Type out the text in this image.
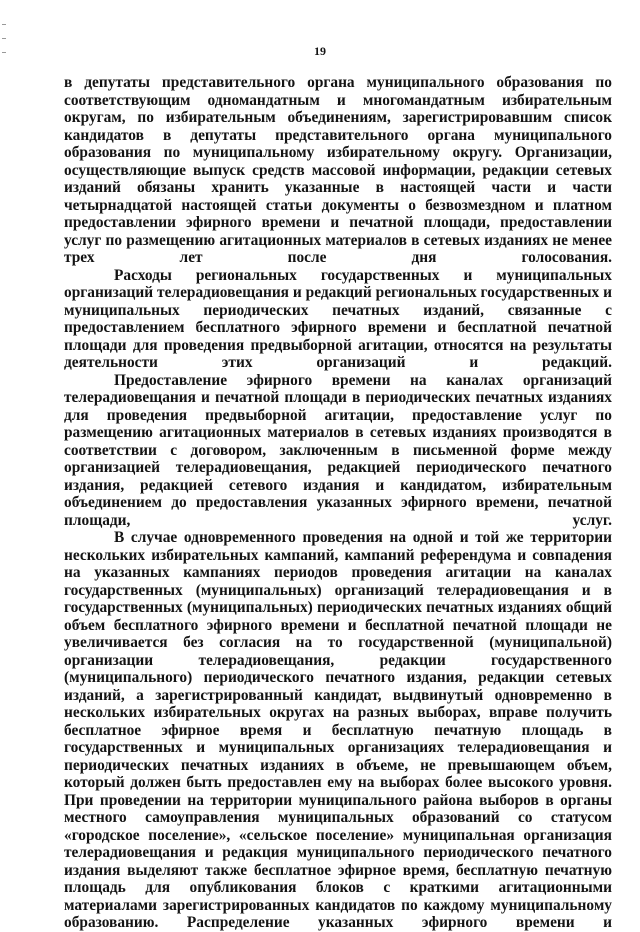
19

в депутаты представительного органа муниципального образования по соответствующим одномандатным и многомандатным избирательным округам, по избирательным объединениям, зарегистрировавшим список кандидатов в депутаты представительного органа муниципального образования по муниципальному избирательному округу. Организации, осуществляющие выпуск средств массовой информации, редакции сетевых изданий обязаны хранить указанные в настоящей части и части четырнадцатой настоящей статьи документы о безвозмездном и платном предоставлении эфирного времени и печатной площади, предоставлении услуг по размещению агитационных материалов в сетевых изданиях не менее трех лет после дня голосования.

Расходы региональных государственных и муниципальных организаций телерадиовещания и редакций региональных государственных и муниципальных периодических печатных изданий, связанные с предоставлением бесплатного эфирного времени и бесплатной печатной площади для проведения предвыборной агитации, относятся на результаты деятельности этих организаций и редакций.

Предоставление эфирного времени на каналах организаций телерадиовещания и печатной площади в периодических печатных изданиях для проведения предвыборной агитации, предоставление услуг по размещению агитационных материалов в сетевых изданиях производятся в соответствии с договором, заключенным в письменной форме между организацией телерадиовещания, редакцией периодического печатного издания, редакцией сетевого издания и кандидатом, избирательным объединением до предоставления указанных эфирного времени, печатной площади, услуг.

В случае одновременного проведения на одной и той же территории нескольких избирательных кампаний, кампаний референдума и совпадения на указанных кампаниях периодов проведения агитации на каналах государственных (муниципальных) организаций телерадиовещания и в государственных (муниципальных) периодических печатных изданиях общий объем бесплатного эфирного времени и бесплатной печатной площади не увеличивается без согласия на то государственной (муниципальной) организации телерадиовещания, редакции государственного (муниципального) периодического печатного издания, редакции сетевых изданий, а зарегистрированный кандидат, выдвинутый одновременно в нескольких избирательных округах на разных выборах, вправе получить бесплатное эфирное время и бесплатную печатную площадь в государственных и муниципальных организациях телерадиовещания и периодических печатных изданиях в объеме, не превышающем объем, который должен быть предоставлен ему на выборах более высокого уровня. При проведении на территории муниципального района выборов в органы местного самоуправления муниципальных образований со статусом «городское поселение», «сельское поселение» муниципальная организация телерадиовещания и редакция муниципального периодического печатного издания выделяют также бесплатное эфирное время, бесплатную печатную площадь для опубликования блоков с краткими агитационными материалами зарегистрированных кандидатов по каждому муниципальному образованию. Распределение указанных эфирного времени и
